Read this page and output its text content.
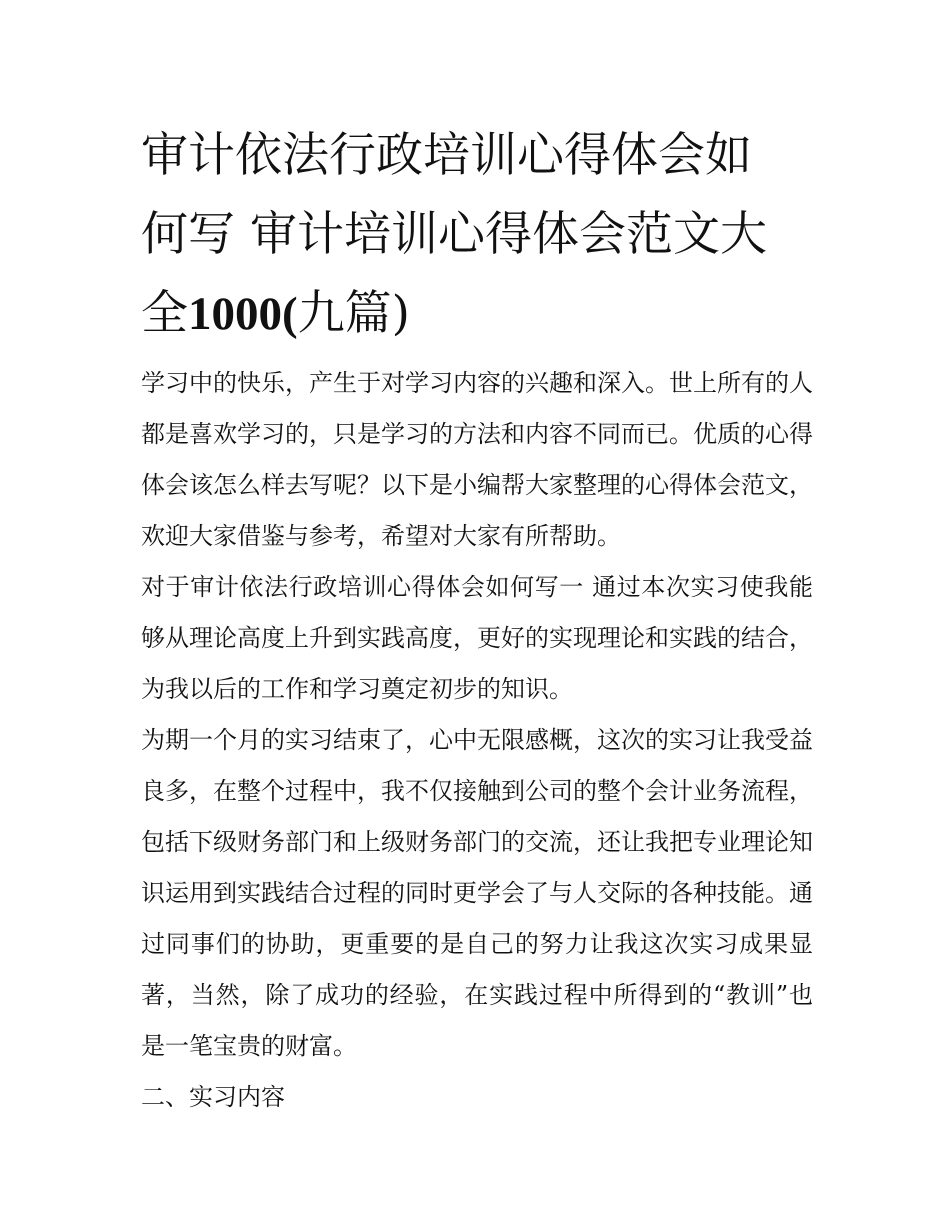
审计依法行政培训心得体会如
何写 审计培训心得体会范文大
全1000(九篇)

学习中的快乐，产生于对学习内容的兴趣和深入。世上所有的人都是喜欢学习的，只是学习的方法和内容不同而已。优质的心得体会该怎么样去写呢？以下是小编帮大家整理的心得体会范文，欢迎大家借鉴与参考，希望对大家有所帮助。

对于审计依法行政培训心得体会如何写一 通过本次实习使我能够从理论高度上升到实践高度，更好的实现理论和实践的结合，为我以后的工作和学习奠定初步的知识。

为期一个月的实习结束了，心中无限感概，这次的实习让我受益良多，在整个过程中，我不仅接触到公司的整个会计业务流程，包括下级财务部门和上级财务部门的交流，还让我把专业理论知识运用到实践结合过程的同时更学会了与人交际的各种技能。通过同事们的协助，更重要的是自己的努力让我这次实习成果显著，当然，除了成功的经验，在实践过程中所得到的“教训”也是一笔宝贵的财富。

二、实习内容
